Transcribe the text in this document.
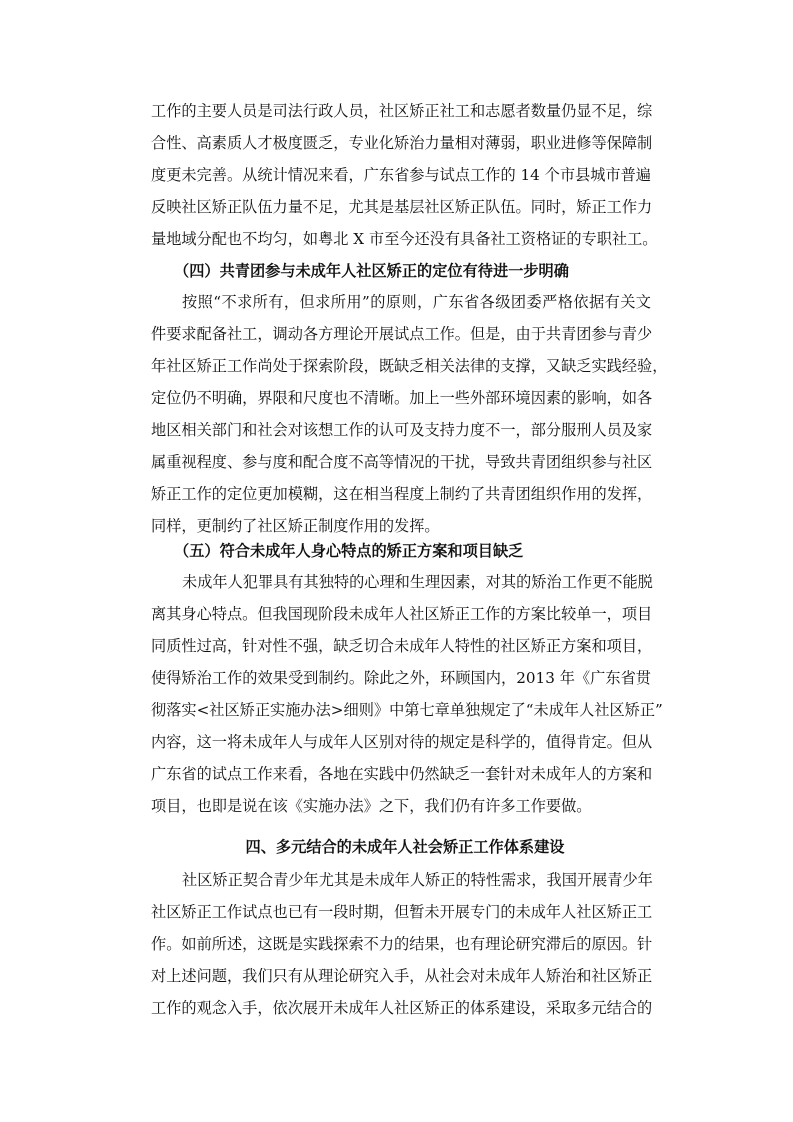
工作的主要人员是司法行政人员，社区矫正社工和志愿者数量仍显不足，综
合性、高素质人才极度匮乏，专业化矫治力量相对薄弱，职业进修等保障制
度更未完善。从统计情况来看，广东省参与试点工作的 14 个市县城市普遍
反映社区矫正队伍力量不足，尤其是基层社区矫正队伍。同时，矫正工作力
量地域分配也不均匀，如粤北 X 市至今还没有具备社工资格证的专职社工。
（四）共青团参与未成年人社区矫正的定位有待进一步明确
按照“不求所有，但求所用”的原则，广东省各级团委严格依据有关文
件要求配备社工，调动各方理论开展试点工作。但是，由于共青团参与青少
年社区矫正工作尚处于探索阶段，既缺乏相关法律的支撑，又缺乏实践经验，
定位仍不明确，界限和尺度也不清晰。加上一些外部环境因素的影响，如各
地区相关部门和社会对该想工作的认可及支持力度不一，部分服刑人员及家
属重视程度、参与度和配合度不高等情况的干扰，导致共青团组织参与社区
矫正工作的定位更加模糊，这在相当程度上制约了共青团组织作用的发挥，
同样，更制约了社区矫正制度作用的发挥。
（五）符合未成年人身心特点的矫正方案和项目缺乏
未成年人犯罪具有其独特的心理和生理因素，对其的矫治工作更不能脱
离其身心特点。但我国现阶段未成年人社区矫正工作的方案比较单一，项目
同质性过高，针对性不强，缺乏切合未成年人特性的社区矫正方案和项目，
使得矫治工作的效果受到制约。除此之外，环顾国内，2013 年《广东省贯
彻落实<社区矫正实施办法>细则》中第七章单独规定了“未成年人社区矫正”
内容，这一将未成年人与成年人区别对待的规定是科学的，值得肯定。但从
广东省的试点工作来看，各地在实践中仍然缺乏一套针对未成年人的方案和
项目，也即是说在该《实施办法》之下，我们仍有许多工作要做。
四、多元结合的未成年人社会矫正工作体系建设
社区矫正契合青少年尤其是未成年人矫正的特性需求，我国开展青少年
社区矫正工作试点也已有一段时期，但暂未开展专门的未成年人社区矫正工
作。如前所述，这既是实践探索不力的结果，也有理论研究滞后的原因。针
对上述问题，我们只有从理论研究入手，从社会对未成年人矫治和社区矫正
工作的观念入手，依次展开未成年人社区矫正的体系建设，采取多元结合的
